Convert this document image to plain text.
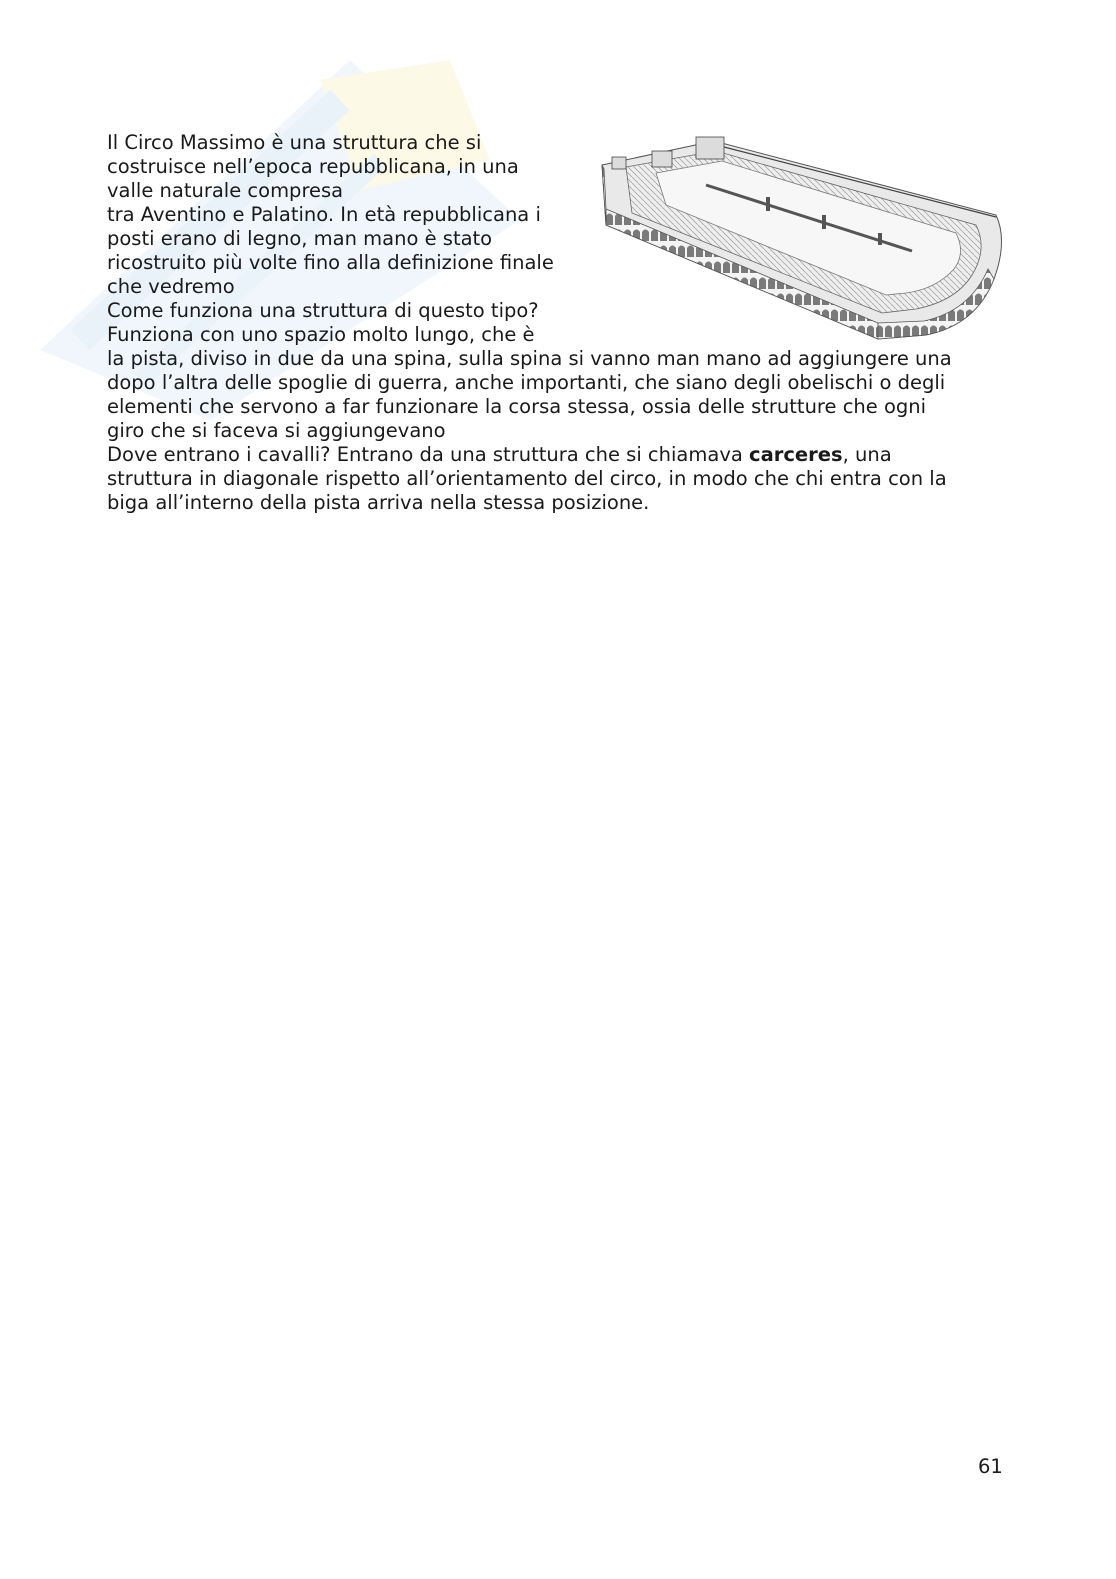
Il Circo Massimo è una struttura che si
costruisce nell’epoca repubblicana, in una
valle naturale compresa
tra Aventino e Palatino. In età repubblicana i
posti erano di legno, man mano è stato
ricostruito più volte fino alla definizione finale
che vedremo
Come funziona una struttura di questo tipo?
Funziona con uno spazio molto lungo, che è
la pista, diviso in due da una spina, sulla spina si vanno man mano ad aggiungere una
dopo l’altra delle spoglie di guerra, anche importanti, che siano degli obelischi o degli
elementi che servono a far funzionare la corsa stessa, ossia delle strutture che ogni
giro che si faceva si aggiungevano
Dove entrano i cavalli? Entrano da una struttura che si chiamava carceres, una
struttura in diagonale rispetto all’orientamento del circo, in modo che chi entra con la
biga all’interno della pista arriva nella stessa posizione.
61
